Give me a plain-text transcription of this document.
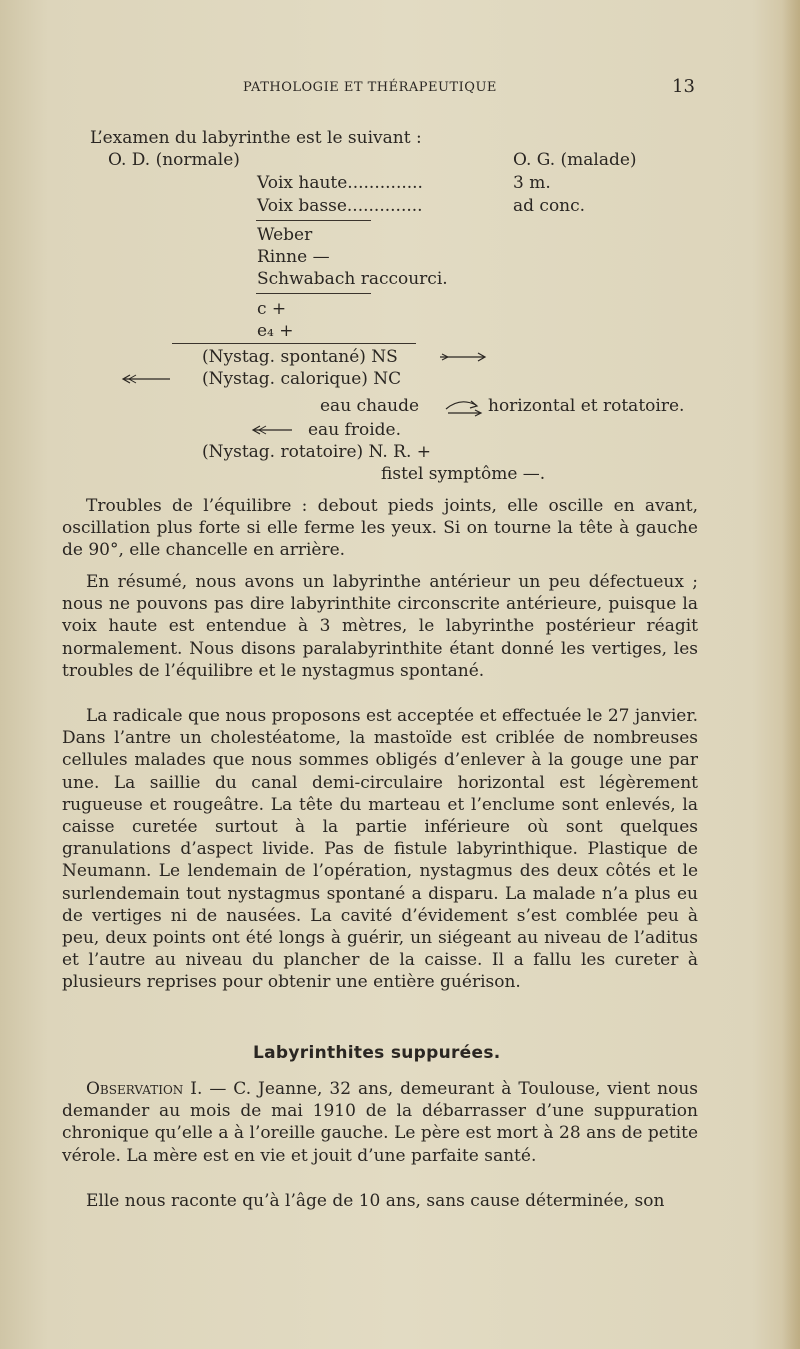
PATHOLOGIE ET THÉRAPEUTIQUE	13
L’examen du labyrinthe est le suivant :
O. D. (normale)	O. G. (malade)
Voix haute..............	3 m.
Voix basse..............	ad conc.
Weber
Rinne —
Schwabach raccourci.
c +
e₄ +
(Nystag. spontané) NS
(Nystag. calorique) NC
eau chaude	horizontal et rotatoire.
eau froide.
(Nystag. rotatoire) N. R. +
fistel symptôme —.
Troubles de l’équilibre : debout pieds joints, elle oscille en avant, oscillation plus forte si elle ferme les yeux. Si on tourne la tête à gauche de 90°, elle chancelle en arrière.
En résumé, nous avons un labyrinthe antérieur un peu défectueux ; nous ne pouvons pas dire labyrinthite circonscrite antérieure, puisque la voix haute est entendue à 3 mètres, le labyrinthe postérieur réagit normalement. Nous disons paralabyrinthite étant donné les vertiges, les troubles de l’équilibre et le nystagmus spontané.
La radicale que nous proposons est acceptée et effectuée le 27 janvier. Dans l’antre un cholestéatome, la mastoïde est criblée de nombreuses cellules malades que nous sommes obligés d’enlever à la gouge une par une. La saillie du canal demi-circulaire horizontal est légèrement rugueuse et rougeâtre. La tête du marteau et l’enclume sont enlevés, la caisse curetée surtout à la partie inférieure où sont quelques granulations d’aspect livide. Pas de fistule labyrinthique. Plastique de Neumann. Le lendemain de l’opération, nystagmus des deux côtés et le surlendemain tout nystagmus spontané a disparu. La malade n’a plus eu de vertiges ni de nausées. La cavité d’évidement s’est comblée peu à peu, deux points ont été longs à guérir, un siégeant au niveau de l’aditus et l’autre au niveau du plancher de la caisse. Il a fallu les cureter à plusieurs reprises pour obtenir une entière guérison.
Labyrinthites suppurées.
Observation I. — C. Jeanne, 32 ans, demeurant à Toulouse, vient nous demander au mois de mai 1910 de la débarrasser d’une suppuration chronique qu’elle a à l’oreille gauche. Le père est mort à 28 ans de petite vérole. La mère est en vie et jouit d’une parfaite santé.
Elle nous raconte qu’à l’âge de 10 ans, sans cause déterminée, son
